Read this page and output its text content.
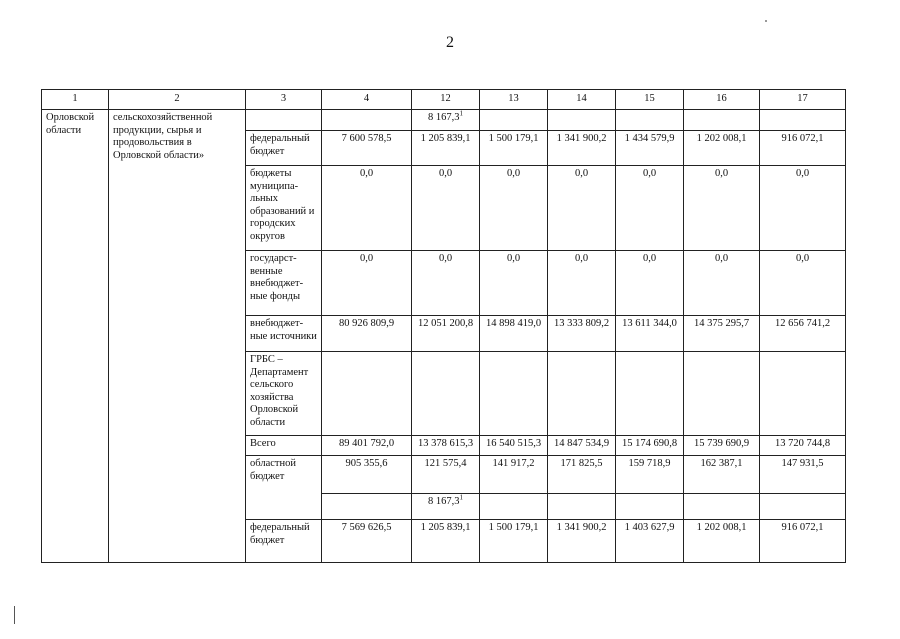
2
1	2	3	4	12	13	14	15	16	17
Орловской области	сельскохозяйственной продукции, сырья и продовольствия в Орловской области»			8 167,3$^1$					
		федеральный бюджет	7 600 578,5	1 205 839,1	1 500 179,1	1 341 900,2	1 434 579,9	1 202 008,1	916 072,1
		бюджеты муниципа-льных образований и городских округов	0,0	0,0	0,0	0,0	0,0	0,0	0,0
		государст-венные внебюджет-ные фонды	0,0	0,0	0,0	0,0	0,0	0,0	0,0
		внебюджет-ные источники	80 926 809,9	12 051 200,8	14 898 419,0	13 333 809,2	13 611 344,0	14 375 295,7	12 656 741,2
		ГРБС – Департамент сельского хозяйства Орловской области							
		Всего	89 401 792,0	13 378 615,3	16 540 515,3	14 847 534,9	15 174 690,8	15 739 690,9	13 720 744,8
		областной бюджет	905 355,6	121 575,4	141 917,2	171 825,5	159 718,9	162 387,1	147 931,5
				8 167,3$^1$					
		федеральный бюджет	7 569 626,5	1 205 839,1	1 500 179,1	1 341 900,2	1 403 627,9	1 202 008,1	916 072,1
